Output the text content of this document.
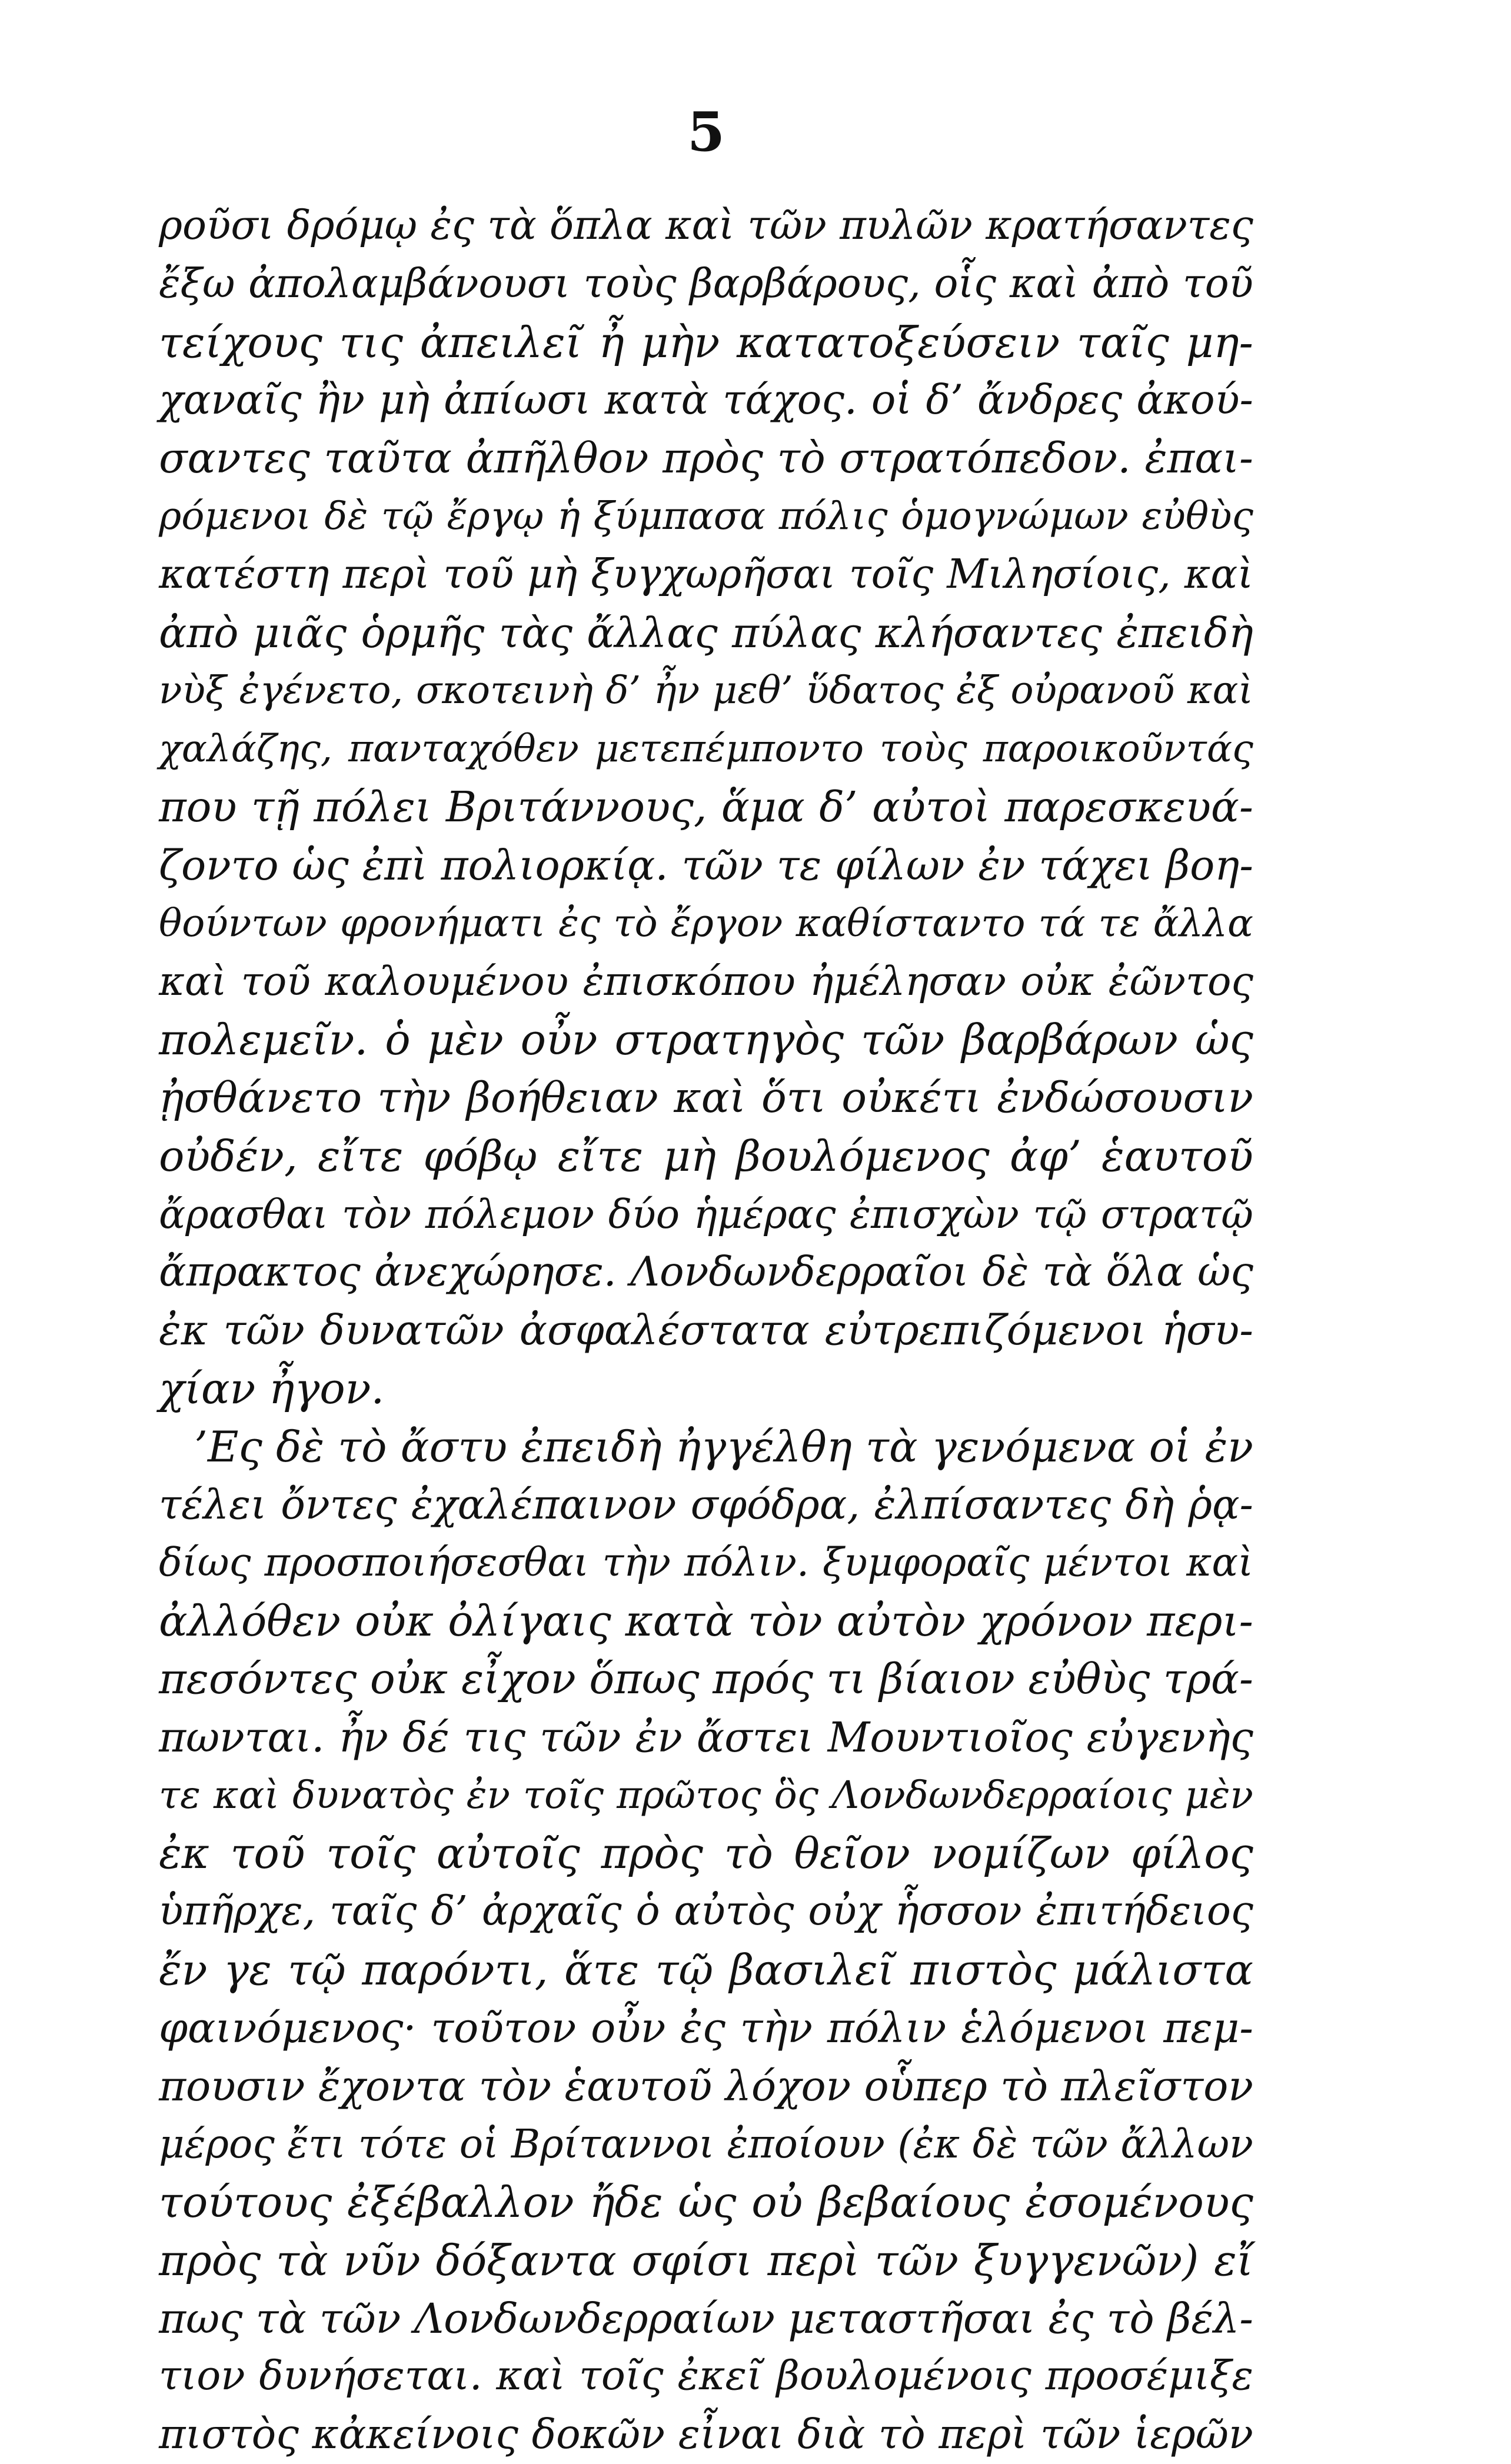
5
ροῦσι δρόμῳ ἐς τὰ ὅπλα καὶ τῶν πυλῶν κρατήσαντες
ἔξω ἀπολαμβάνουσι τοὺς βαρβάρους, οἷς καὶ ἀπὸ τοῦ
τείχους τις ἀπειλεῖ ἦ μὴν κατατοξεύσειν ταῖς μη-
χαναῖς ἢν μὴ ἀπίωσι κατὰ τάχος. οἱ δ’ ἄνδρες ἀκού-
σαντες ταῦτα ἀπῆλθον πρὸς τὸ στρατόπεδον. ἐπαι-
ρόμενοι δὲ τῷ ἔργῳ ἡ ξύμπασα πόλις ὁμογνώμων εὐθὺς
κατέστη περὶ τοῦ μὴ ξυγχωρῆσαι τοῖς Μιλησίοις, καὶ
ἀπὸ μιᾶς ὁρμῆς τὰς ἄλλας πύλας κλήσαντες ἐπειδὴ
νὺξ ἐγένετο, σκοτεινὴ δ’ ἦν μεθ’ ὕδατος ἐξ οὐρανοῦ καὶ
χαλάζης, πανταχόθεν μετεπέμποντο τοὺς παροικοῦντάς
που τῇ πόλει Βριτάννους, ἅμα δ’ αὐτοὶ παρεσκευά-
ζοντο ὡς ἐπὶ πολιορκίᾳ. τῶν τε φίλων ἐν τάχει βοη-
θούντων φρονήματι ἐς τὸ ἔργον καθίσταντο τά τε ἄλλα
καὶ τοῦ καλουμένου ἐπισκόπου ἠμέλησαν οὐκ ἐῶντος
πολεμεῖν. ὁ μὲν οὖν στρατηγὸς τῶν βαρβάρων ὡς
ᾐσθάνετο τὴν βοήθειαν καὶ ὅτι οὐκέτι ἐνδώσουσιν
οὐδέν, εἴτε φόβῳ εἴτε μὴ βουλόμενος ἀφ’ ἑαυτοῦ
ἄρασθαι τὸν πόλεμον δύο ἡμέρας ἐπισχὼν τῷ στρατῷ
ἄπρακτος ἀνεχώρησε. Λονδωνδερραῖοι δὲ τὰ ὅλα ὡς
ἐκ τῶν δυνατῶν ἀσφαλέστατα εὐτρεπιζόμενοι ἡσυ-
χίαν ἦγον.
’Ες δὲ τὸ ἄστυ ἐπειδὴ ἠγγέλθη τὰ γενόμενα οἱ ἐν
τέλει ὄντες ἐχαλέπαινον σφόδρα, ἐλπίσαντες δὴ ῥᾳ-
δίως προσποιήσεσθαι τὴν πόλιν. ξυμφοραῖς μέντοι καὶ
ἀλλόθεν οὐκ ὀλίγαις κατὰ τὸν αὐτὸν χρόνον περι-
πεσόντες οὐκ εἶχον ὅπως πρός τι βίαιον εὐθὺς τρά-
πωνται. ἦν δέ τις τῶν ἐν ἄστει Μουντιοῖος εὐγενὴς
τε καὶ δυνατὸς ἐν τοῖς πρῶτος ὃς Λονδωνδερραίοις μὲν
ἐκ τοῦ τοῖς αὐτοῖς πρὸς τὸ θεῖον νομίζων φίλος
ὑπῆρχε, ταῖς δ’ ἀρχαῖς ὁ αὐτὸς οὐχ ἧσσον ἐπιτήδειος
ἔν γε τῷ παρόντι, ἅτε τῷ βασιλεῖ πιστὸς μάλιστα
φαινόμενος· τοῦτον οὖν ἐς τὴν πόλιν ἑλόμενοι πεμ-
πουσιν ἔχοντα τὸν ἑαυτοῦ λόχον οὗπερ τὸ πλεῖστον
μέρος ἔτι τότε οἱ Βρίταννοι ἐποίουν (ἐκ δὲ τῶν ἄλλων
τούτους ἐξέβαλλον ἤδε ὡς οὐ βεβαίους ἐσομένους
πρὸς τὰ νῦν δόξαντα σφίσι περὶ τῶν ξυγγενῶν) εἴ
πως τὰ τῶν Λονδωνδερραίων μεταστῆσαι ἐς τὸ βέλ-
τιον δυνήσεται. καὶ τοῖς ἐκεῖ βουλομένοις προσέμιξε
πιστὸς κἀκείνοις δοκῶν εἶναι διὰ τὸ περὶ τῶν ἱερῶν
